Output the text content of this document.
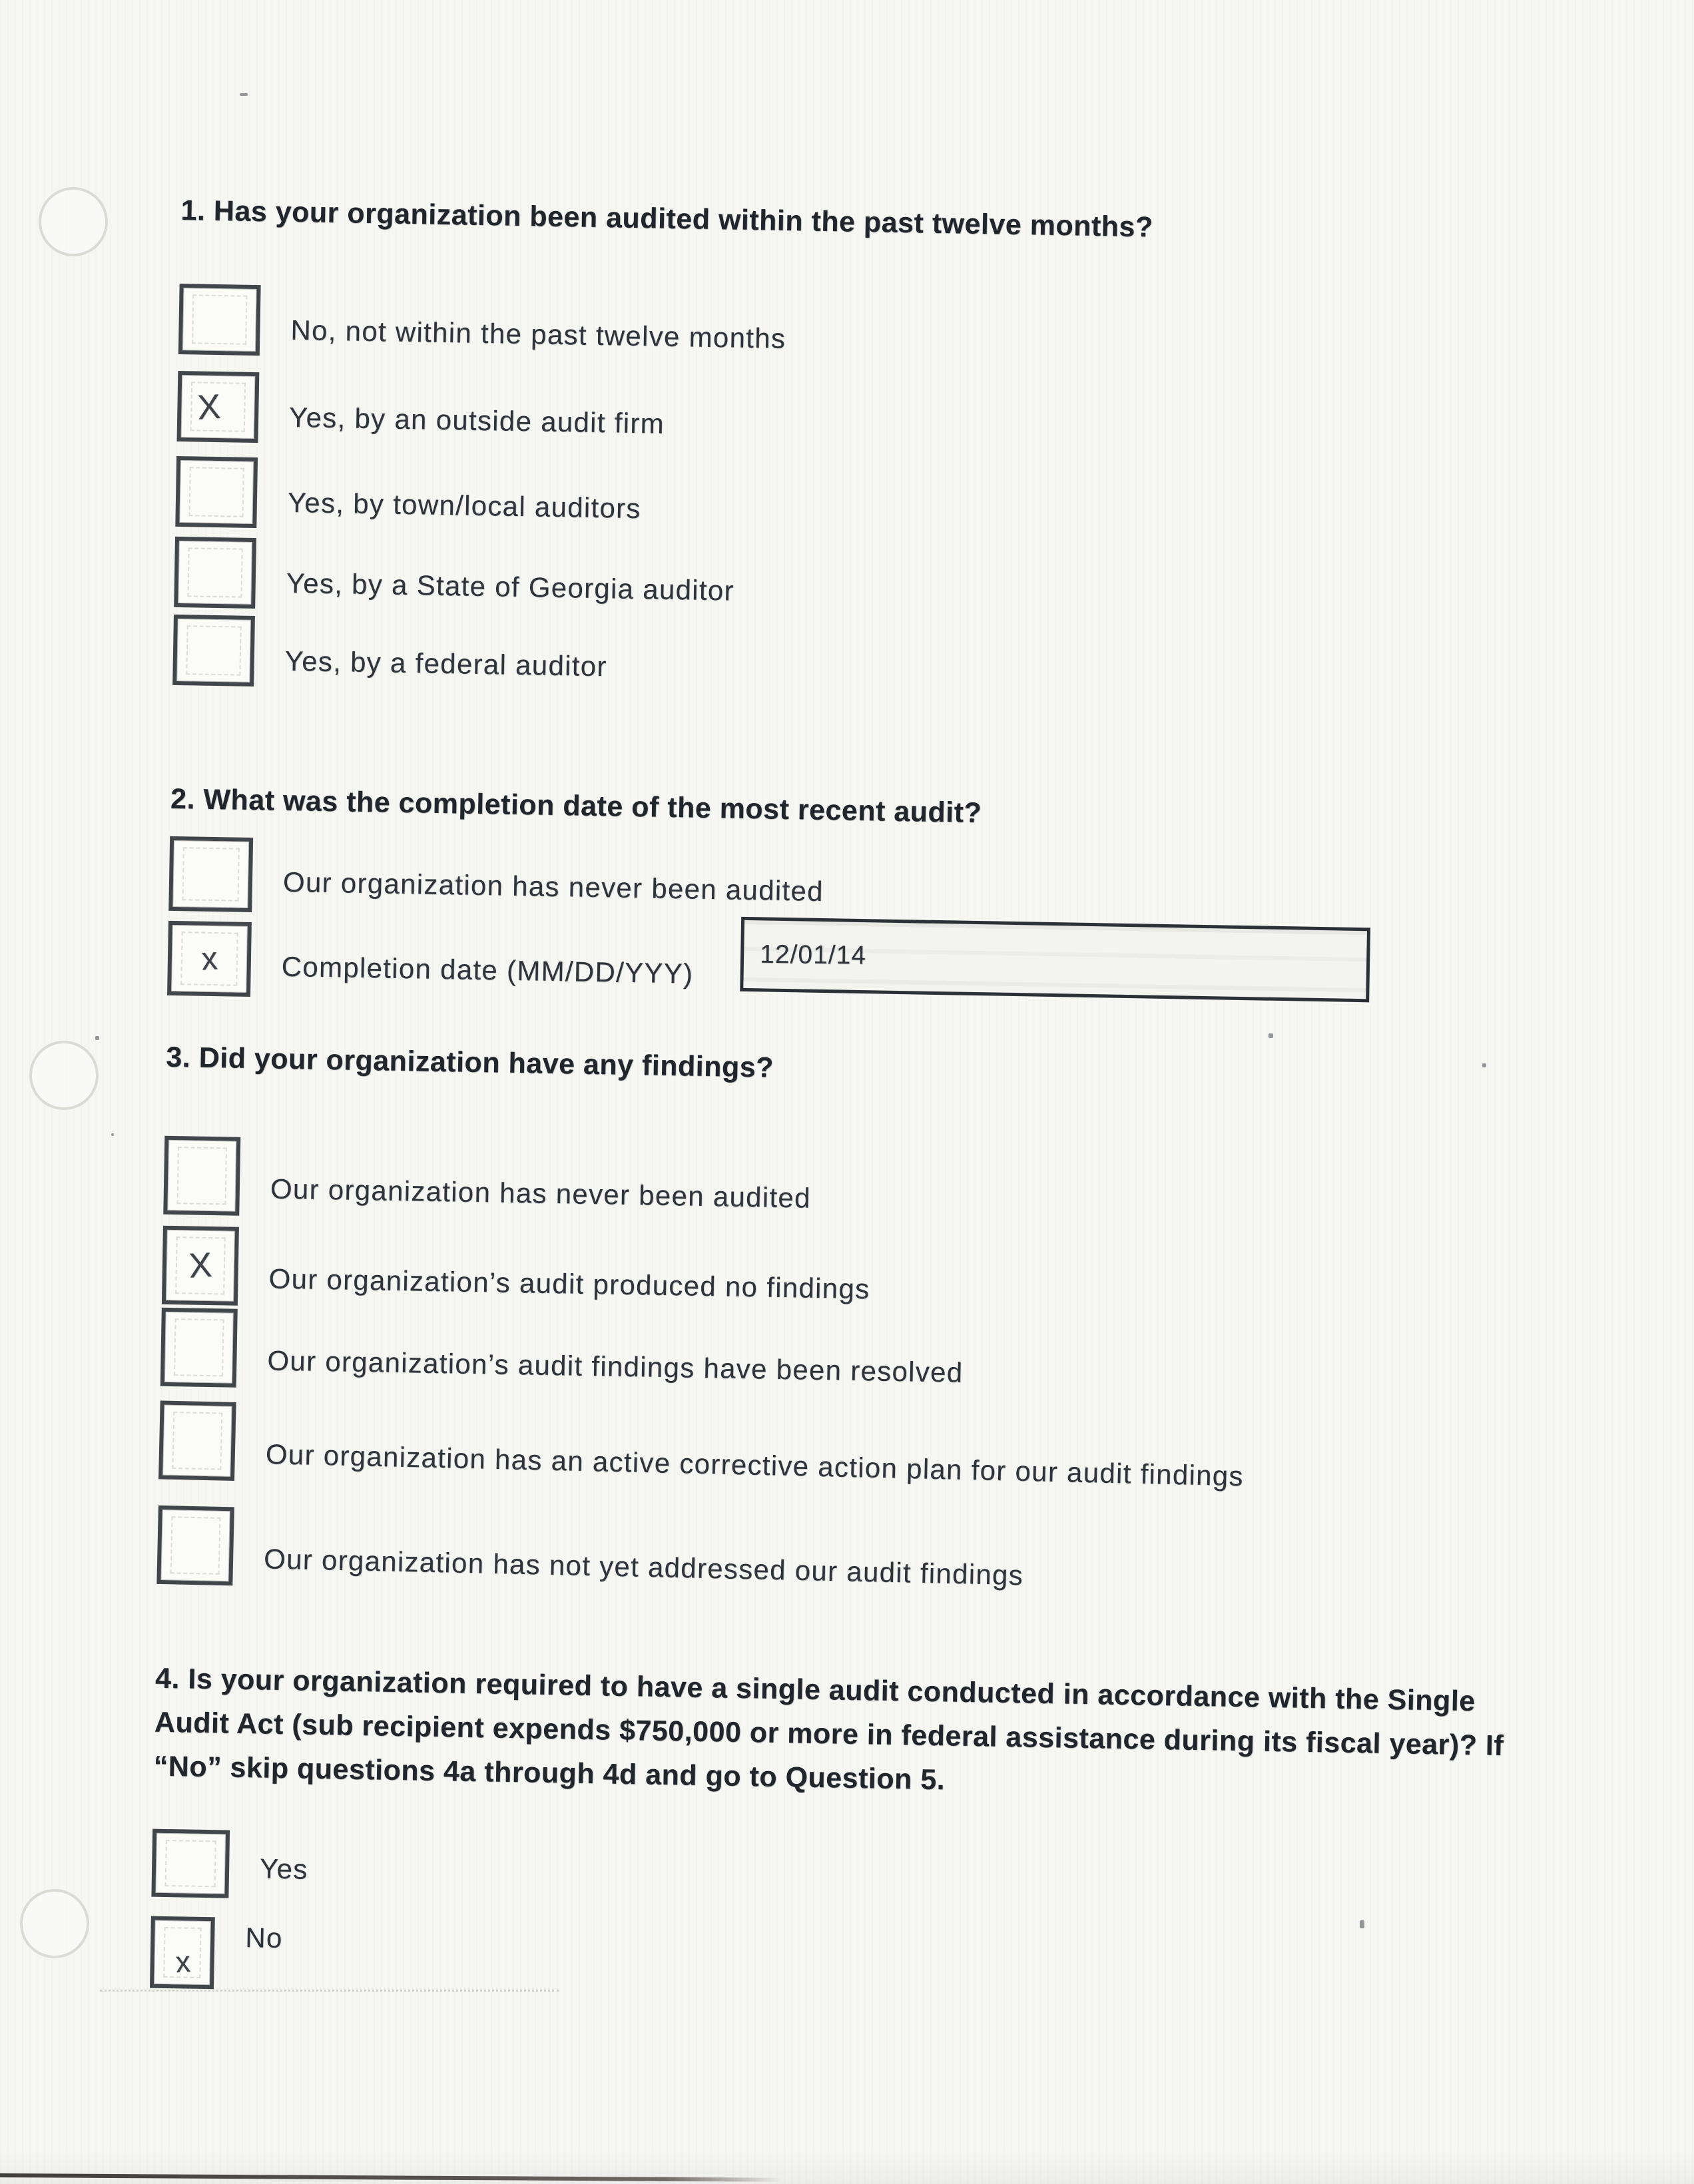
1. Has your organization been audited within the past twelve months?
No, not within the past twelve months
X	Yes, by an outside audit firm
Yes, by town/local auditors
Yes, by a State of Georgia auditor
Yes, by a federal auditor
2. What was the completion date of the most recent audit?
Our organization has never been audited
x	Completion date (MM/DD/YYY)	12/01/14
3. Did your organization have any findings?
Our organization has never been audited
X	Our organization’s audit produced no findings
Our organization’s audit findings have been resolved
Our organization has an active corrective action plan for our audit findings
Our organization has not yet addressed our audit findings
4. Is your organization required to have a single audit conducted in accordance with the Single Audit Act (sub recipient expends $750,000 or more in federal assistance during its fiscal year)? If “No” skip questions 4a through 4d and go to Question 5.
Yes
x
No
